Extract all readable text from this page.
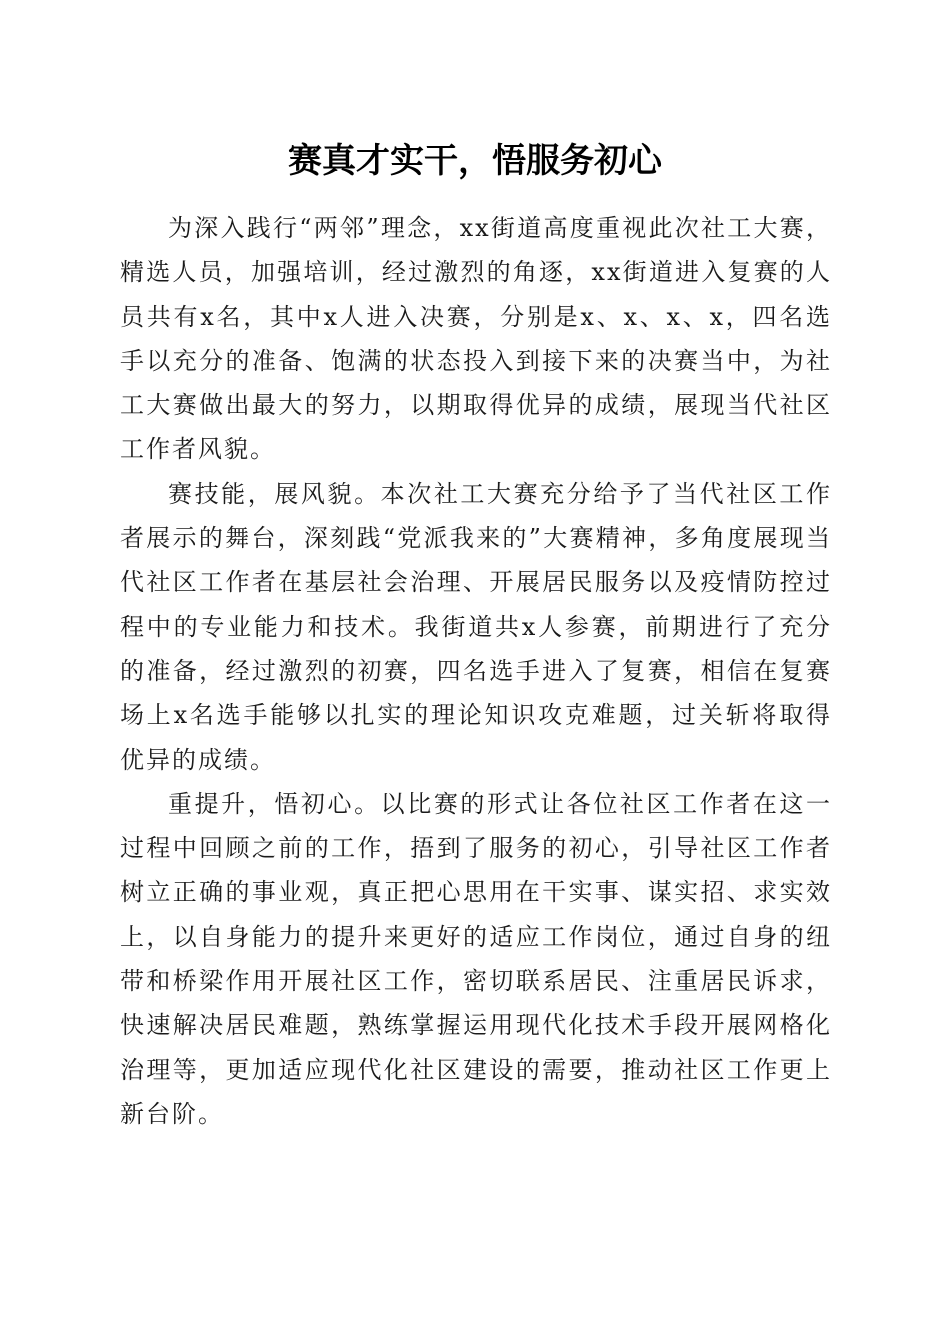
赛真才实干，悟服务初心

为深入践行“两邻”理念，xx街道高度重视此次社工大赛，精选人员，加强培训，经过激烈的角逐，xx街道进入复赛的人员共有x名，其中x人进入决赛，分别是x、x、x、x，四名选手以充分的准备、饱满的状态投入到接下来的决赛当中，为社工大赛做出最大的努力，以期取得优异的成绩，展现当代社区工作者风貌。

赛技能，展风貌。本次社工大赛充分给予了当代社区工作者展示的舞台，深刻践“党派我来的”大赛精神，多角度展现当代社区工作者在基层社会治理、开展居民服务以及疫情防控过程中的专业能力和技术。我街道共x人参赛，前期进行了充分的准备，经过激烈的初赛，四名选手进入了复赛，相信在复赛场上x名选手能够以扎实的理论知识攻克难题，过关斩将取得优异的成绩。

重提升，悟初心。以比赛的形式让各位社区工作者在这一过程中回顾之前的工作，捂到了服务的初心，引导社区工作者树立正确的事业观，真正把心思用在干实事、谋实招、求实效上，以自身能力的提升来更好的适应工作岗位，通过自身的纽带和桥梁作用开展社区工作，密切联系居民、注重居民诉求，快速解决居民难题，熟练掌握运用现代化技术手段开展网格化治理等，更加适应现代化社区建设的需要，推动社区工作更上新台阶。
